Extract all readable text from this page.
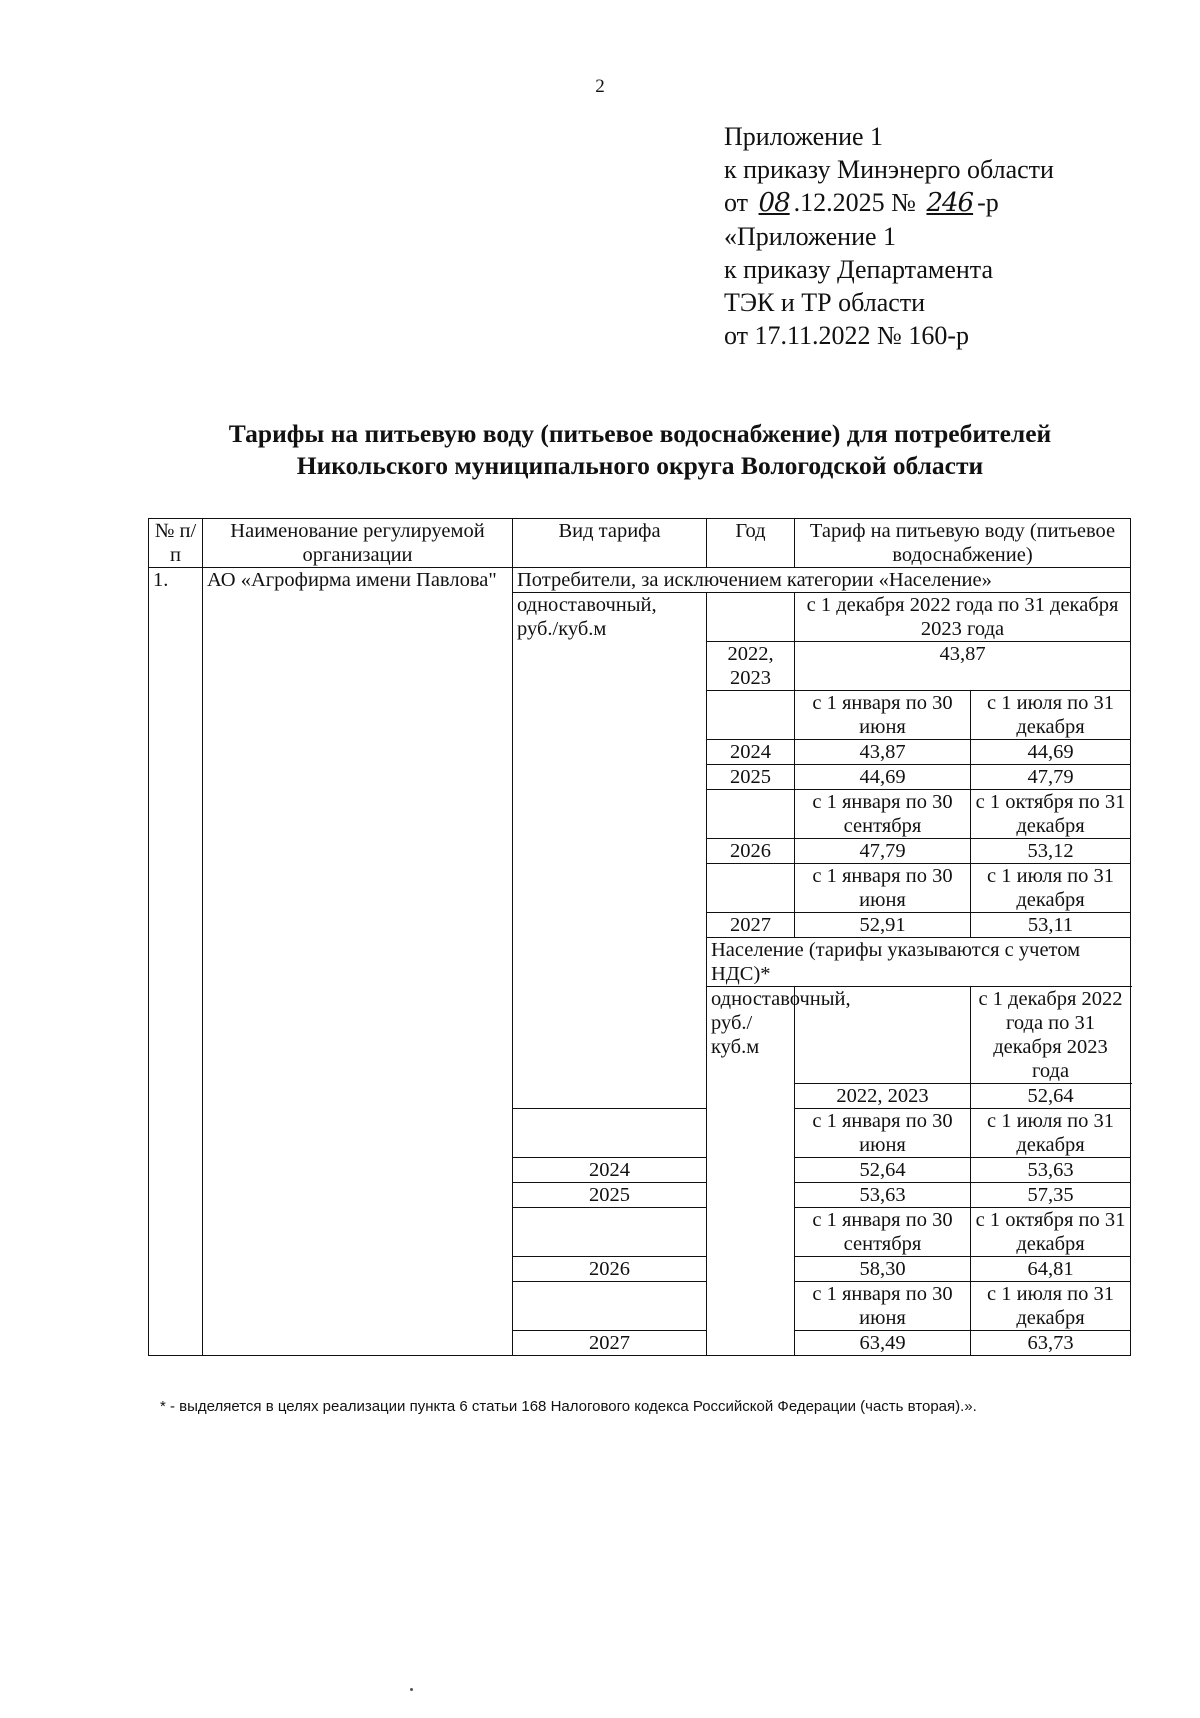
2
Приложение 1
к приказу Минэнерго области
от 08 .12.2025 № 246 -р
«Приложение 1
к приказу Департамента
ТЭК и ТР области
от 17.11.2022 № 160-р
Тарифы на питьевую воду (питьевое водоснабжение) для потребителей
Никольского муниципального округа Вологодской области
№ п/п	Наименование регулируемой организации	Вид тарифа	Год	Тариф на питьевую воду (питьевое водоснабжение)	
1.	АО «Агрофирма имени Павлова"	Потребители, за исключением категории «Население»			
		одноставочный, руб./куб.м		с 1 декабря 2022 года по 31 декабря 2023 года	
			2022, 2023	43,87	
				с 1 января по 30 июня	с 1 июля по 31 декабря
			2024	43,87	44,69
			2025	44,69	47,79
				с 1 января по 30 сентября	с 1 октября по 31 декабря
			2026	47,79	53,12
				с 1 января по 30 июня	с 1 июля по 31 декабря
			2027	52,91	53,11
			Население (тарифы указываются с учетом НДС)*		
			одноставочный, руб./куб.м		с 1 декабря 2022 года по 31 декабря 2023 года
				2022, 2023	52,64
				с 1 января по 30 июня	с 1 июля по 31 декабря
		2024		52,64	53,63
		2025		53,63	57,35
				с 1 января по 30 сентября	с 1 октября по 31 декабря
		2026		58,30	64,81
				с 1 января по 30 июня	с 1 июля по 31 декабря
		2027		63,49	63,73
* - выделяется в целях реализации пункта 6 статьи 168 Налогового кодекса Российской Федерации (часть вторая).».
